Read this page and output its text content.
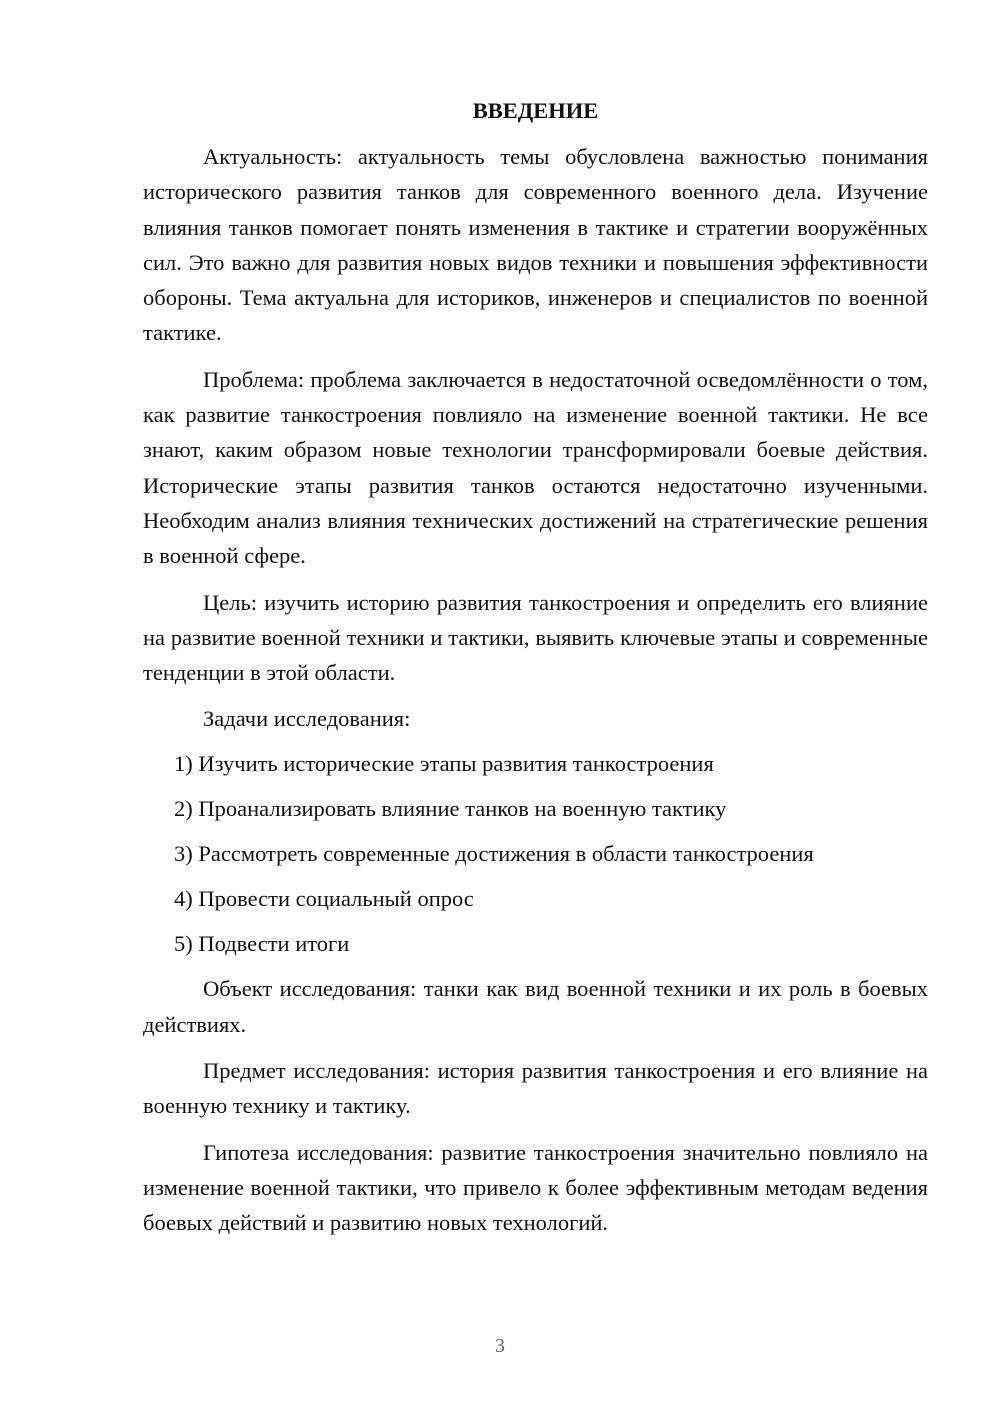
ВВЕДЕНИЕ

Актуальность: актуальность темы обусловлена важностью понимания исторического развития танков для современного военного дела. Изучение влияния танков помогает понять изменения в тактике и стратегии вооружённых сил. Это важно для развития новых видов техники и повышения эффективности обороны. Тема актуальна для историков, инженеров и специалистов по военной тактике.

Проблема: проблема заключается в недостаточной осведомлённости о том, как развитие танкостроения повлияло на изменение военной тактики. Не все знают, каким образом новые технологии трансформировали боевые действия. Исторические этапы развития танков остаются недостаточно изученными. Необходим анализ влияния технических достижений на стратегические решения в военной сфере.

Цель: изучить историю развития танкостроения и определить его влияние на развитие военной техники и тактики, выявить ключевые этапы и современные тенденции в этой области.

Задачи исследования:

1) Изучить исторические этапы развития танкостроения
2) Проанализировать влияние танков на военную тактику
3) Рассмотреть современные достижения в области танкостроения
4) Провести социальный опрос
5) Подвести итоги

Объект исследования: танки как вид военной техники и их роль в боевых действиях.

Предмет исследования: история развития танкостроения и его влияние на военную технику и тактику.

Гипотеза исследования: развитие танкостроения значительно повлияло на изменение военной тактики, что привело к более эффективным методам ведения боевых действий и развитию новых технологий.

3
